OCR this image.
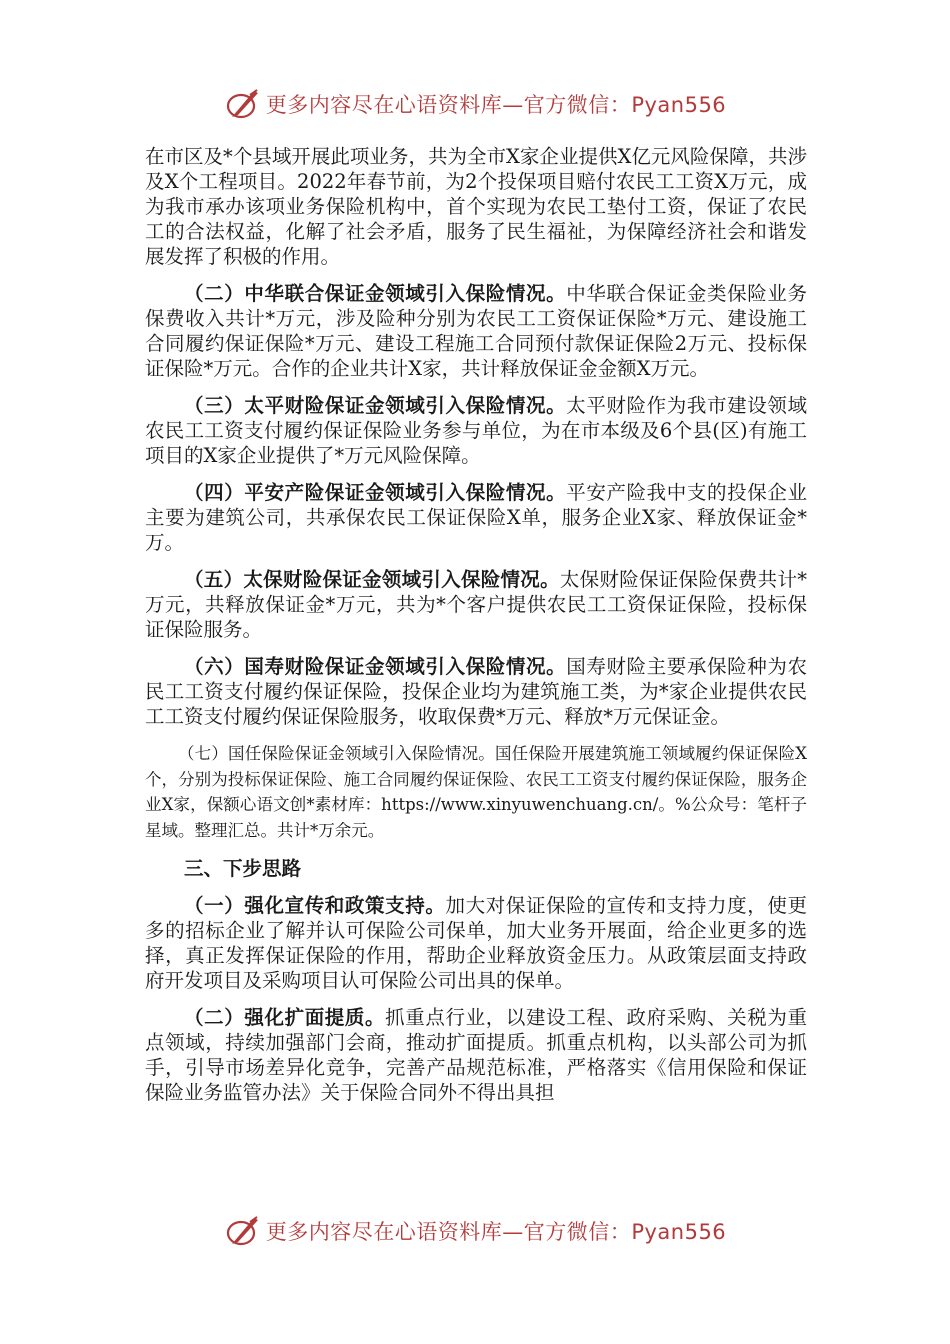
更多内容尽在心语资料库—官方微信：Pyan556

在市区及*个县域开展此项业务，共为全市X家企业提供X亿元风险保障，共涉及X个工程项目。2022年春节前，为2个投保项目赔付农民工工资X万元，成为我市承办该项业务保险机构中，首个实现为农民工垫付工资，保证了农民工的合法权益，化解了社会矛盾，服务了民生福祉，为保障经济社会和谐发展发挥了积极的作用。

（二）中华联合保证金领域引入保险情况。中华联合保证金类保险业务保费收入共计*万元，涉及险种分别为农民工工资保证保险*万元、建设施工合同履约保证保险*万元、建设工程施工合同预付款保证保险2万元、投标保证保险*万元。合作的企业共计X家，共计释放保证金金额X万元。

（三）太平财险保证金领域引入保险情况。太平财险作为我市建设领域农民工工资支付履约保证保险业务参与单位，为在市本级及6个县(区)有施工项目的X家企业提供了*万元风险保障。

（四）平安产险保证金领域引入保险情况。平安产险我中支的投保企业主要为建筑公司，共承保农民工保证保险X单，服务企业X家、释放保证金*万。

（五）太保财险保证金领域引入保险情况。太保财险保证保险保费共计*万元，共释放保证金*万元，共为*个客户提供农民工工资保证保险，投标保证保险服务。

（六）国寿财险保证金领域引入保险情况。国寿财险主要承保险种为农民工工资支付履约保证保险，投保企业均为建筑施工类，为*家企业提供农民工工资支付履约保证保险服务，收取保费*万元、释放*万元保证金。

（七）国任保险保证金领域引入保险情况。国任保险开展建筑施工领域履约保证保险X个，分别为投标保证保险、施工合同履约保证保险、农民工工资支付履约保证保险，服务企业X家，保额心语文创*素材库：https://www.xinyuwenchuang.cn/。%公众号：笔杆子星域。整理汇总。共计*万余元。

三、下步思路

（一）强化宣传和政策支持。加大对保证保险的宣传和支持力度，使更多的招标企业了解并认可保险公司保单，加大业务开展面，给企业更多的选择，真正发挥保证保险的作用，帮助企业释放资金压力。从政策层面支持政府开发项目及采购项目认可保险公司出具的保单。

（二）强化扩面提质。抓重点行业，以建设工程、政府采购、关税为重点领域，持续加强部门会商，推动扩面提质。抓重点机构，以头部公司为抓手，引导市场差异化竞争，完善产品规范标准，严格落实《信用保险和保证保险业务监管办法》关于保险合同外不得出具担

更多内容尽在心语资料库—官方微信：Pyan556
